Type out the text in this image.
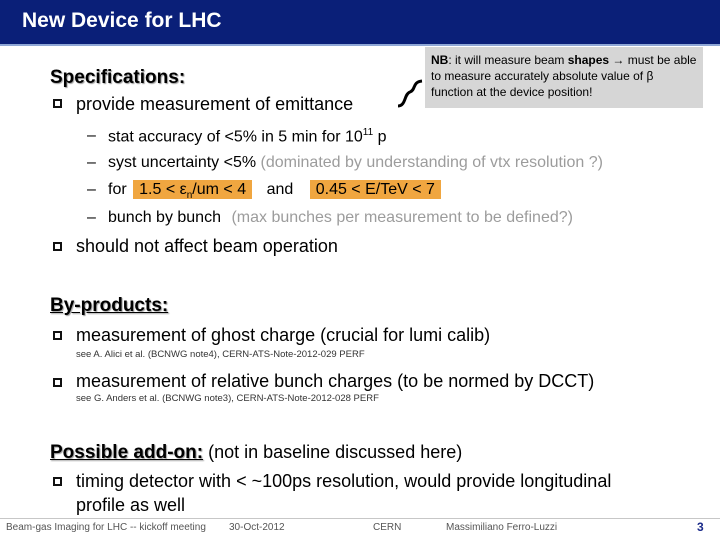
New Device for LHC
Specifications:
provide measurement of emittance
NB: it will measure beam shapes → must be able to measure accurately absolute value of β function at the device position!
– stat accuracy of <5% in 5 min for $10^{11}$ p
– syst uncertainty <5% (dominated by understanding of vtx resolution ?)
– for $1.5 < \varepsilon_n/um < 4$ and 0.45 < E/TeV < 7
– bunch by bunch (max bunches per measurement to be defined?)
should not affect beam operation
By-products:
measurement of ghost charge (crucial for lumi calib)
see A. Alici et al. (BCNWG note4), CERN-ATS-Note-2012-029 PERF
measurement of relative bunch charges (to be normed by DCCT)
see G. Anders et al. (BCNWG note3), CERN-ATS-Note-2012-028 PERF
Possible add-on: (not in baseline discussed here)
timing detector with < ~100ps resolution, would provide longitudinal
profile as well
Beam-gas Imaging for LHC -- kickoff meeting 30-Oct-2012	CERN	Massimiliano Ferro-Luzzi	3
